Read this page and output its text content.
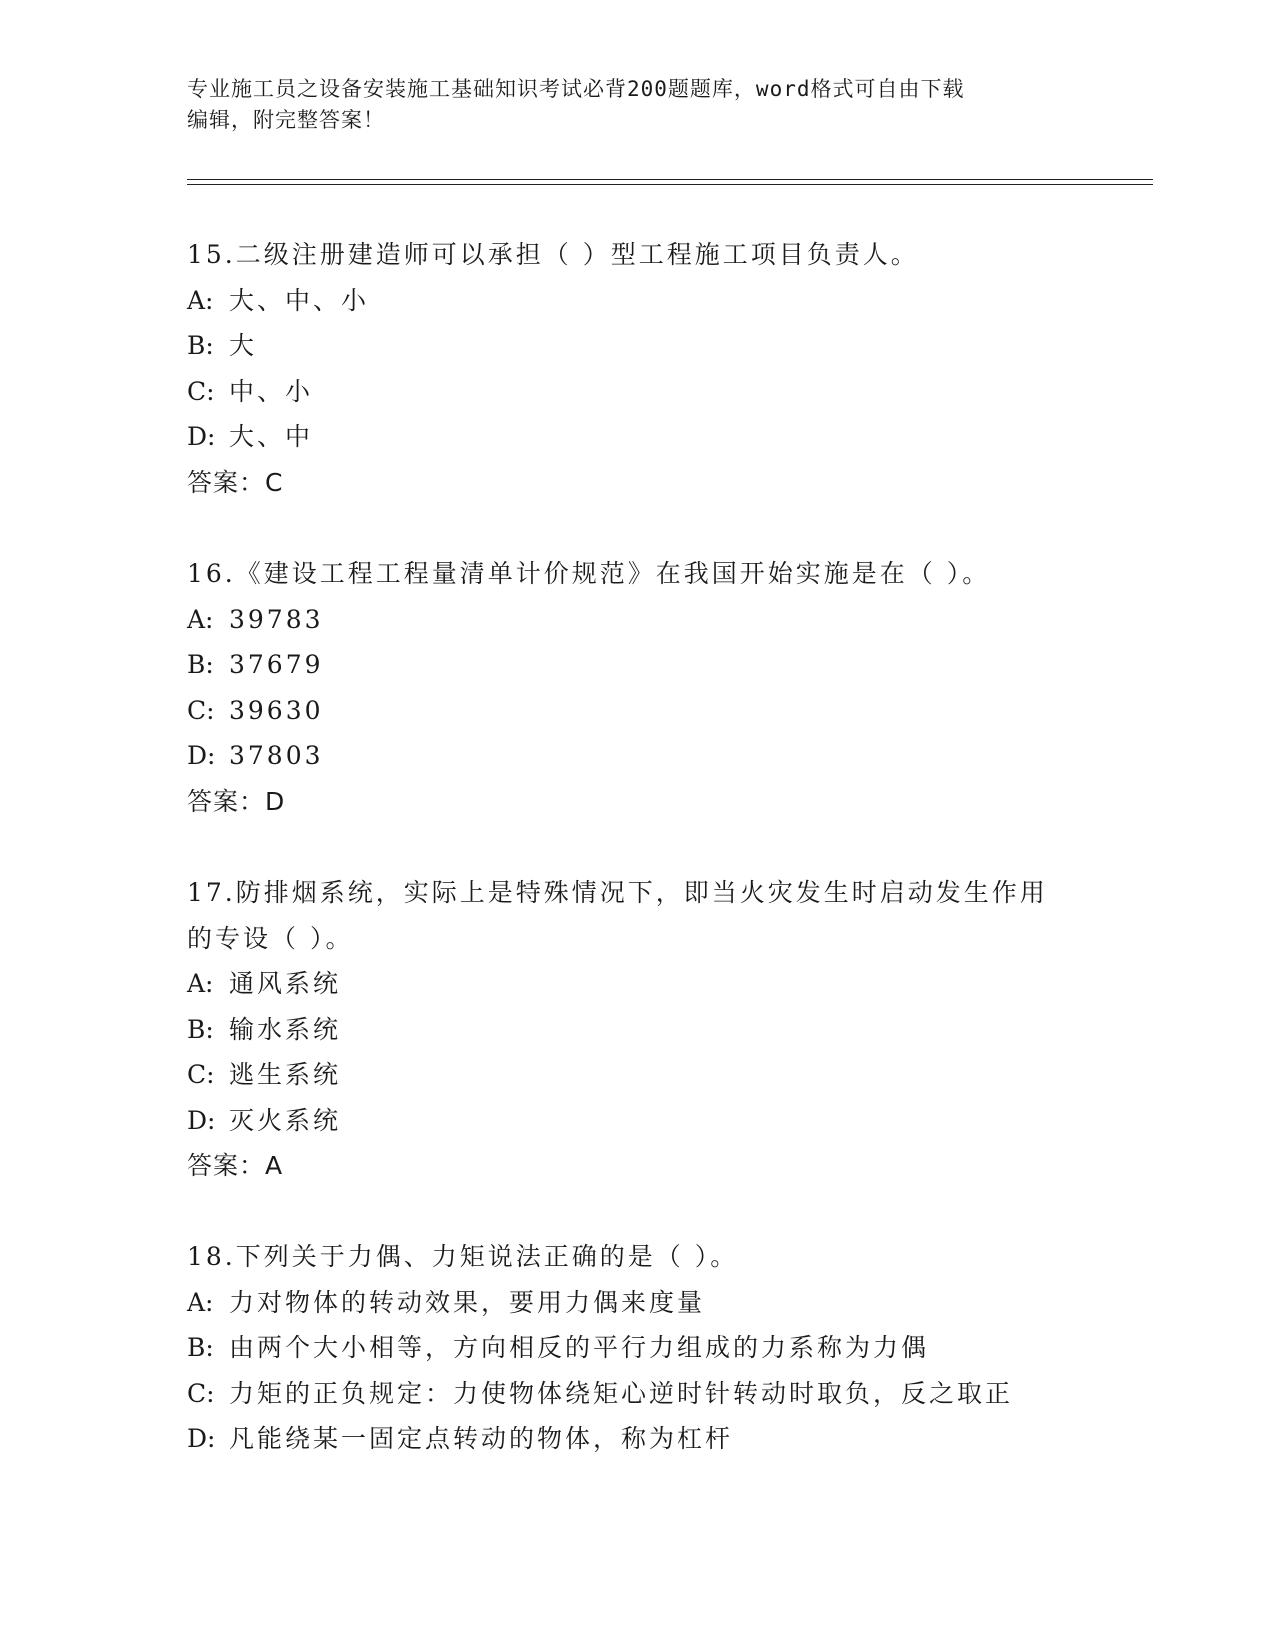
专业施工员之设备安装施工基础知识考试必背200题题库，word格式可自由下载
编辑，附完整答案！
15.二级注册建造师可以承担（ ）型工程施工项目负责人。
A: 大、中、小
B: 大
C: 中、小
D: 大、中
答案：C
16.《建设工程工程量清单计价规范》在我国开始实施是在（ ）。
A: 39783
B: 37679
C: 39630
D: 37803
答案：D
17.防排烟系统，实际上是特殊情况下，即当火灾发生时启动发生作用
的专设（ ）。
A: 通风系统
B: 输水系统
C: 逃生系统
D: 灭火系统
答案：A
18.下列关于力偶、力矩说法正确的是（ ）。
A: 力对物体的转动效果，要用力偶来度量
B: 由两个大小相等，方向相反的平行力组成的力系称为力偶
C: 力矩的正负规定：力使物体绕矩心逆时针转动时取负，反之取正
D: 凡能绕某一固定点转动的物体，称为杠杆
